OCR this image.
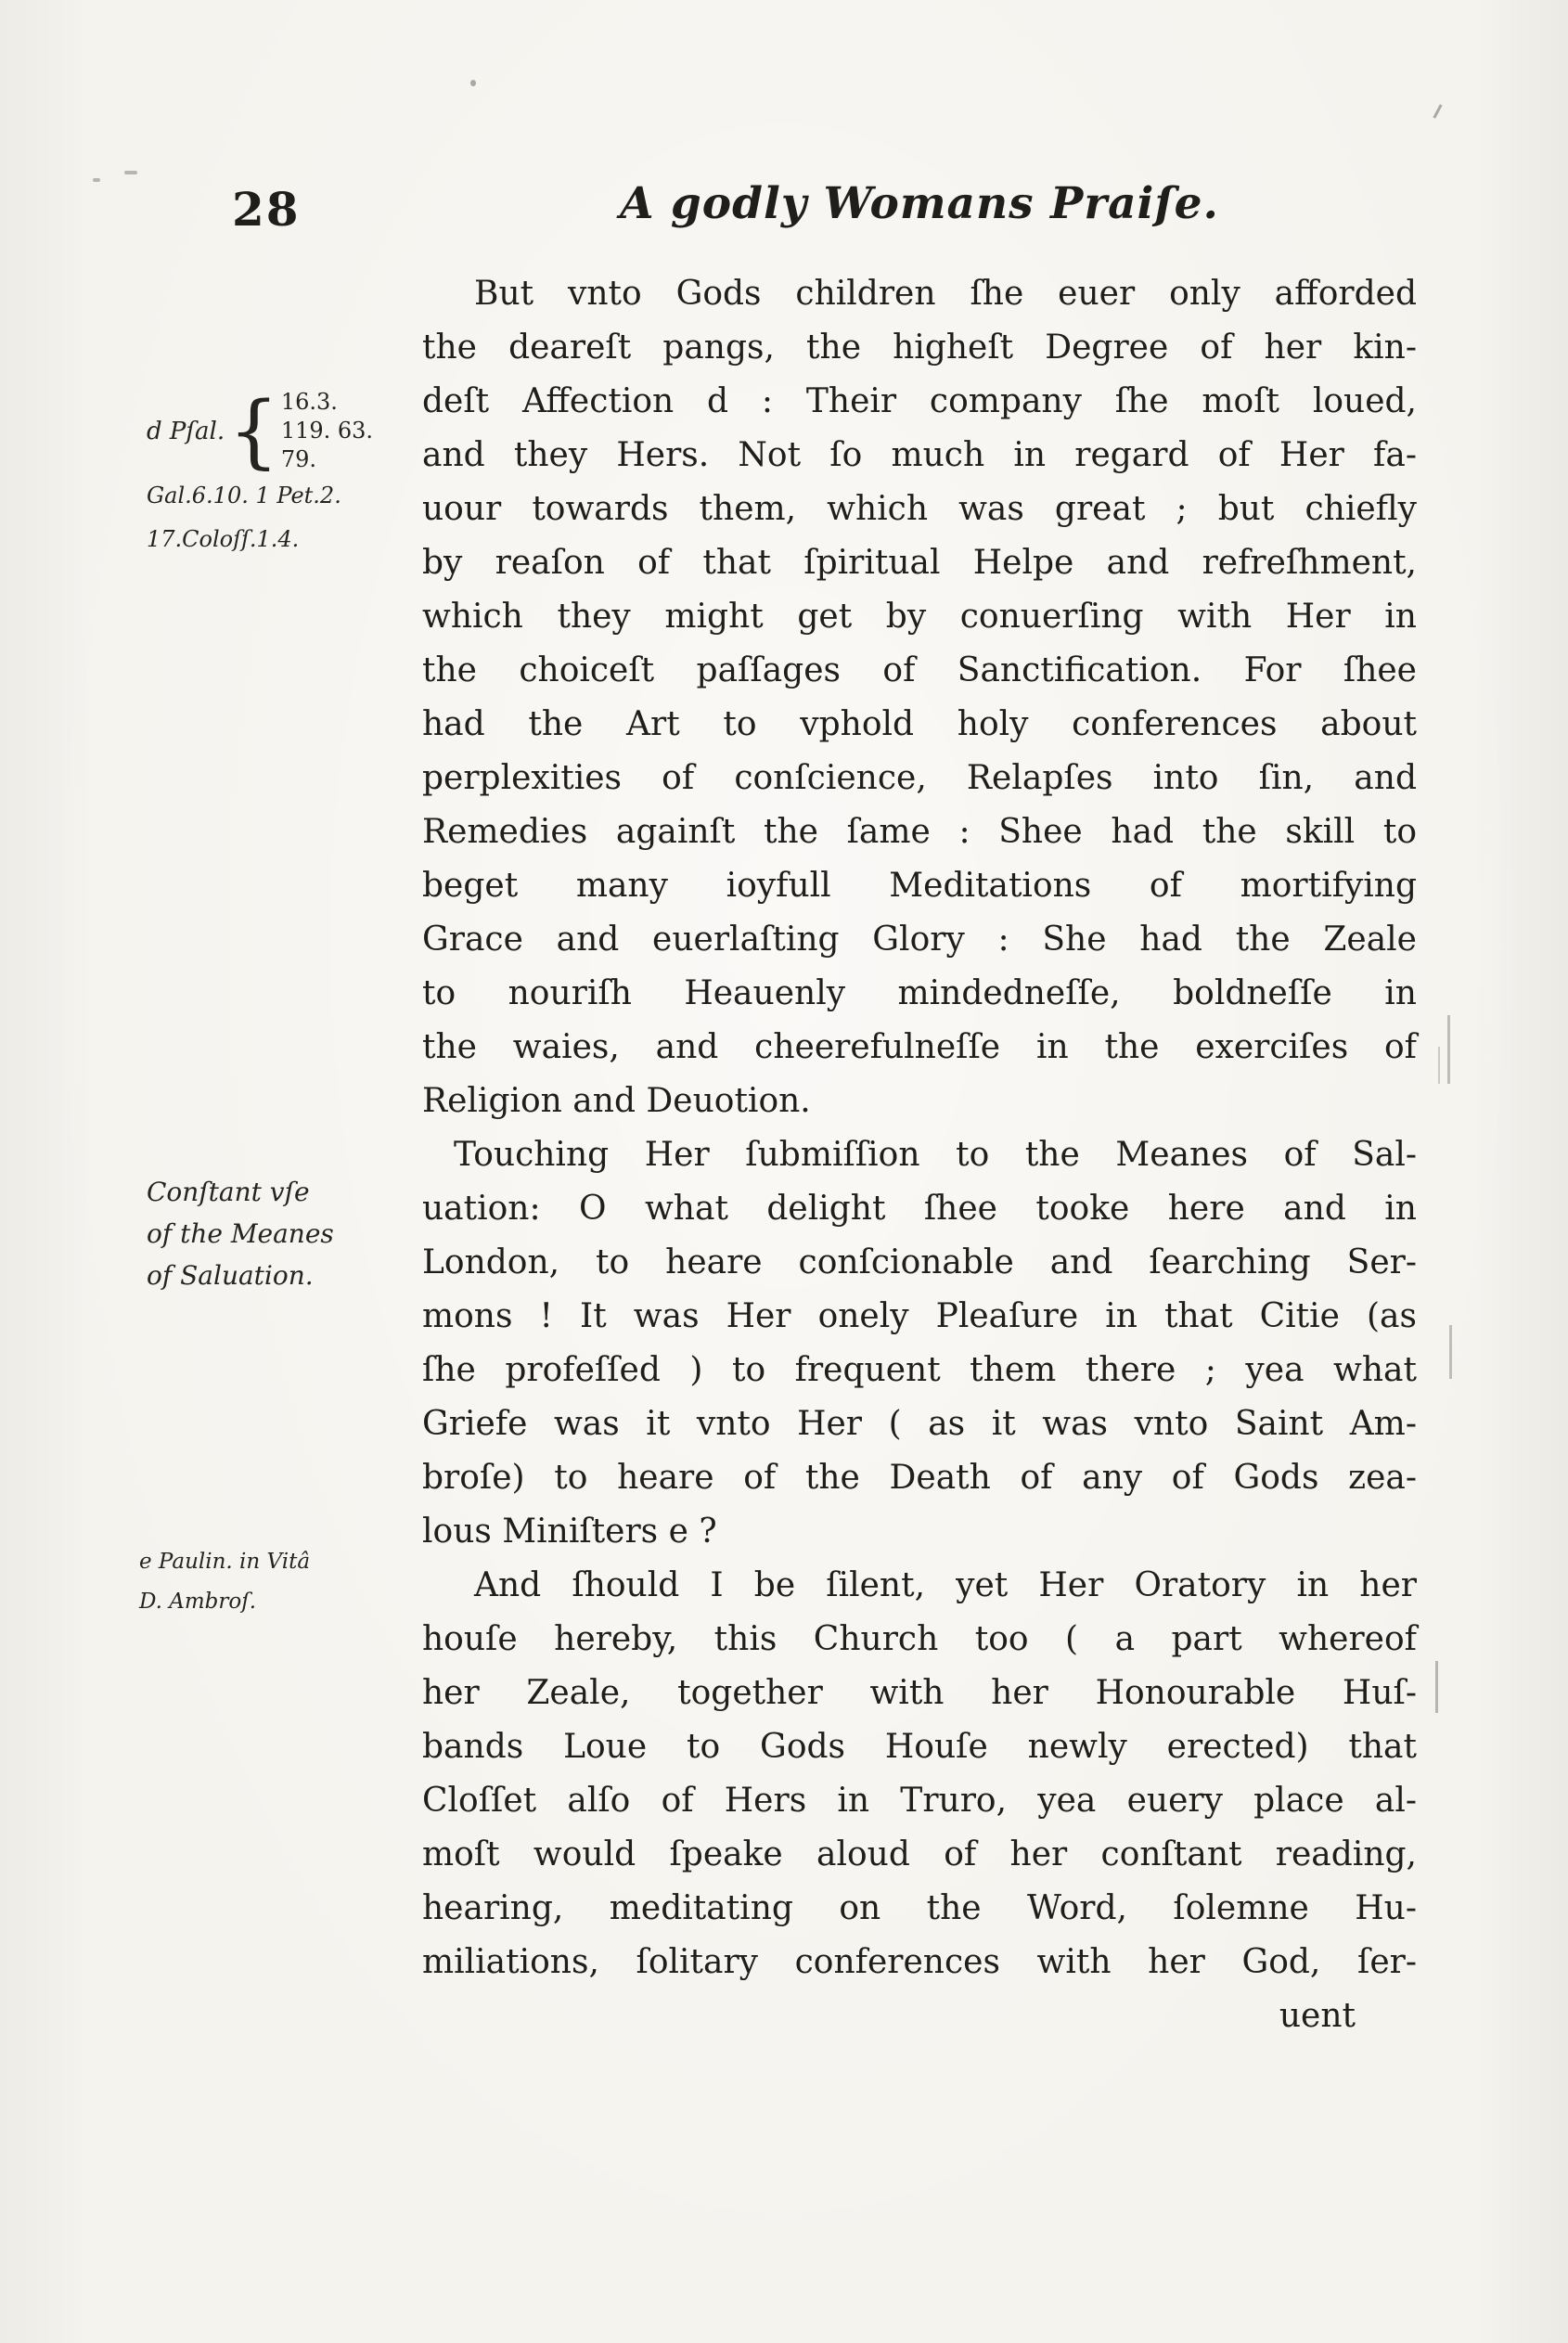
28	A godly Womans Praiſe.
d Pſal. { 16.3.
119. 63.
79.
Gal.6.10. 1 Pet.2.
17.Coloſſ.1.4.
Conſtant vſe
of the Meanes
of Saluation.
e Paulin. in Vitâ
D. Ambroſ.
But vnto Gods children ſhe euer only afforded
the deareſt pangs, the higheſt Degree of her kin-
deſt Affection d : Their company ſhe moſt loued,
and they Hers. Not ſo much in regard of Her fa-
uour towards them, which was great ; but chiefly
by reaſon of that ſpiritual Helpe and refreſhment,
which they might get by conuerſing with Her in
the choiceſt paſſages of Sanctification. For ſhee
had the Art to vphold holy conferences about
perplexities of conſcience, Relapſes into ſin, and
Remedies againſt the ſame : Shee had the skill to
beget many ioyfull Meditations of mortifying
Grace and euerlaſting Glory : She had the Zeale
to nouriſh Heauenly mindedneſſe, boldneſſe in
the waies, and cheerefulneſſe in the exerciſes of
Religion and Deuotion.
Touching Her ſubmiſſion to the Meanes of Sal-
uation: O what delight ſhee tooke here and in
London, to heare conſcionable and ſearching Ser-
mons ! It was Her onely Pleaſure in that Citie (as
ſhe profeſſed ) to frequent them there ; yea what
Griefe was it vnto Her ( as it was vnto Saint Am-
broſe) to heare of the Death of any of Gods zea-
lous Miniſters e ?
And ſhould I be ſilent, yet Her Oratory in her
houſe hereby, this Church too ( a part whereof
her Zeale, together with her Honourable Huſ-
bands Loue to Gods Houſe newly erected) that
Cloſſet alſo of Hers in Truro, yea euery place al-
moſt would ſpeake aloud of her conſtant reading,
hearing, meditating on the Word, ſolemne Hu-
miliations, ſolitary conferences with her God, ſer-
uent
